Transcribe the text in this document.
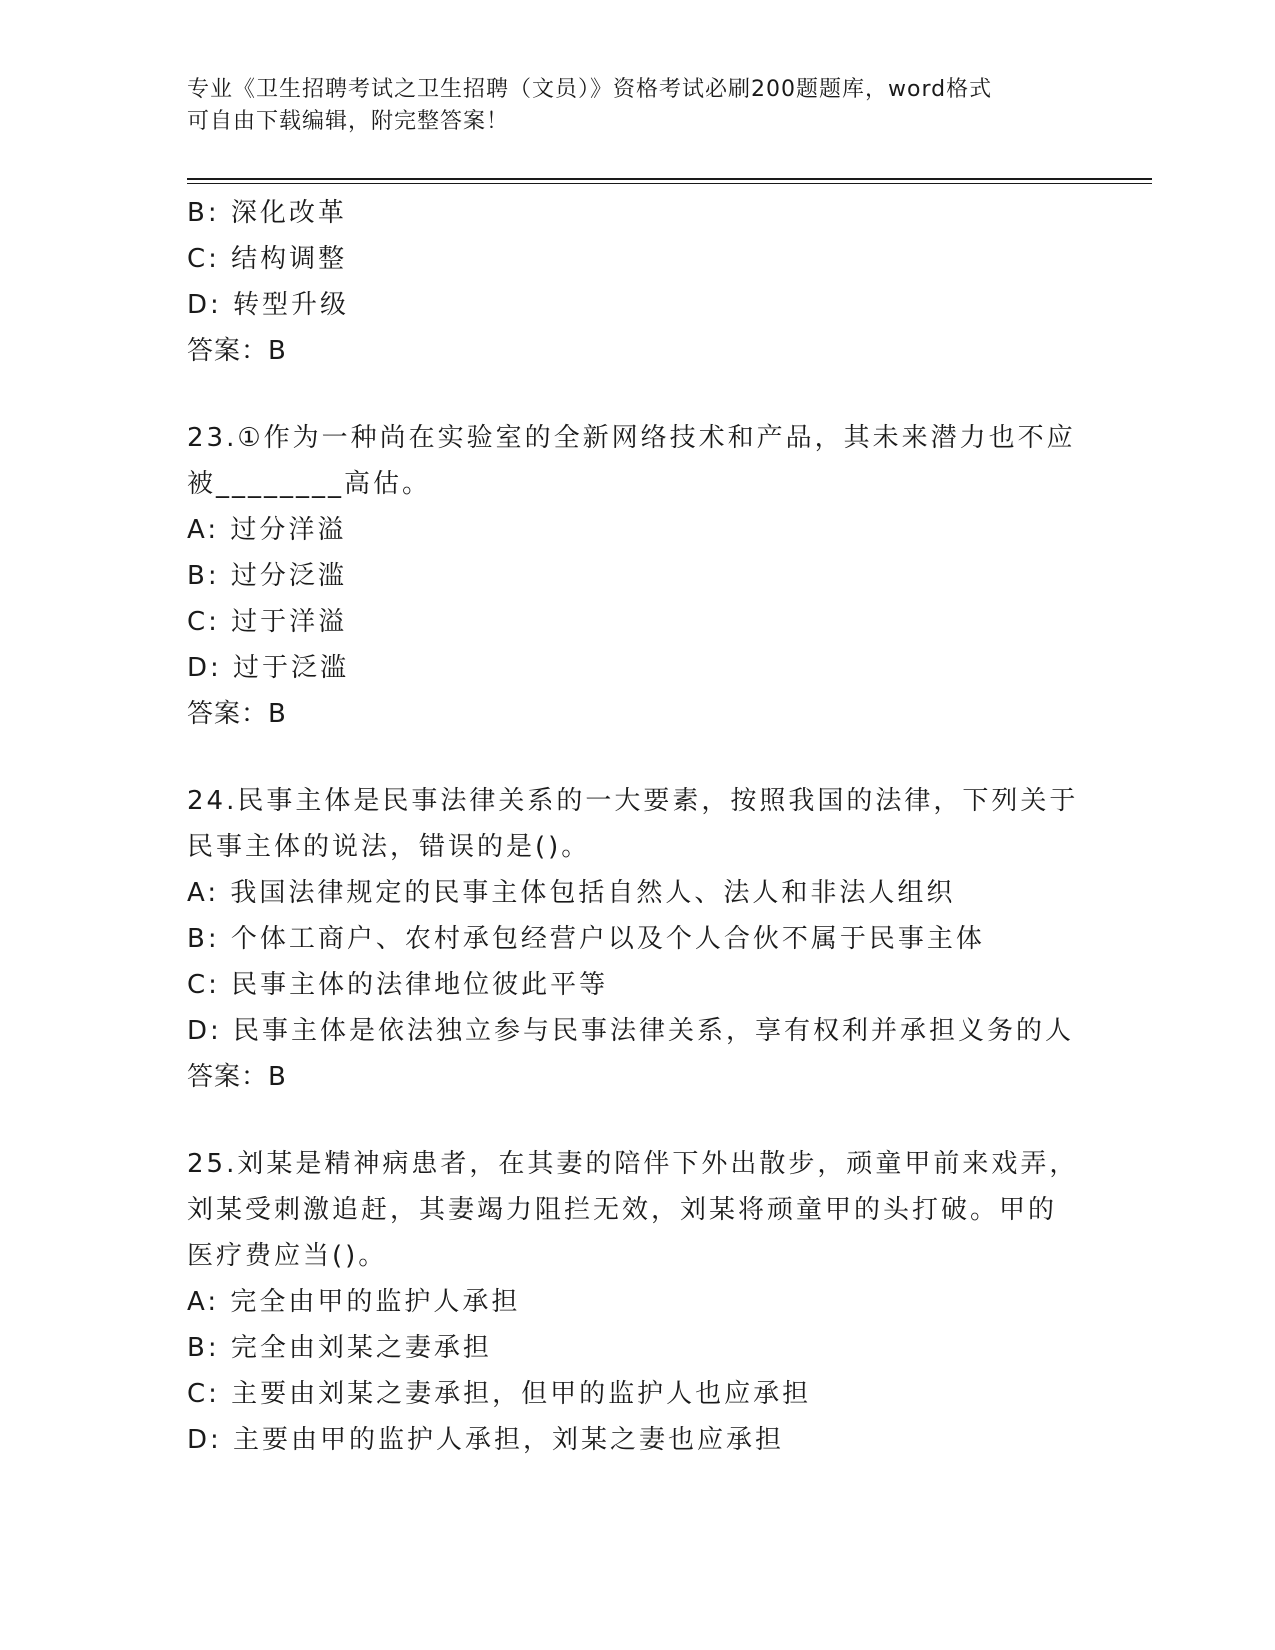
专业《卫生招聘考试之卫生招聘（文员）》资格考试必刷200题题库，word格式
可自由下载编辑，附完整答案！
B: 深化改革
C: 结构调整
D: 转型升级
答案：B
23.①作为一种尚在实验室的全新网络技术和产品，其未来潜力也不应
被________高估。
A: 过分洋溢
B: 过分泛滥
C: 过于洋溢
D: 过于泛滥
答案：B
24.民事主体是民事法律关系的一大要素，按照我国的法律，下列关于
民事主体的说法，错误的是()。
A: 我国法律规定的民事主体包括自然人、法人和非法人组织
B: 个体工商户、农村承包经营户以及个人合伙不属于民事主体
C: 民事主体的法律地位彼此平等
D: 民事主体是依法独立参与民事法律关系，享有权利并承担义务的人
答案：B
25.刘某是精神病患者，在其妻的陪伴下外出散步，顽童甲前来戏弄，
刘某受刺激追赶，其妻竭力阻拦无效，刘某将顽童甲的头打破。甲的
医疗费应当()。
A: 完全由甲的监护人承担
B: 完全由刘某之妻承担
C: 主要由刘某之妻承担，但甲的监护人也应承担
D: 主要由甲的监护人承担，刘某之妻也应承担
